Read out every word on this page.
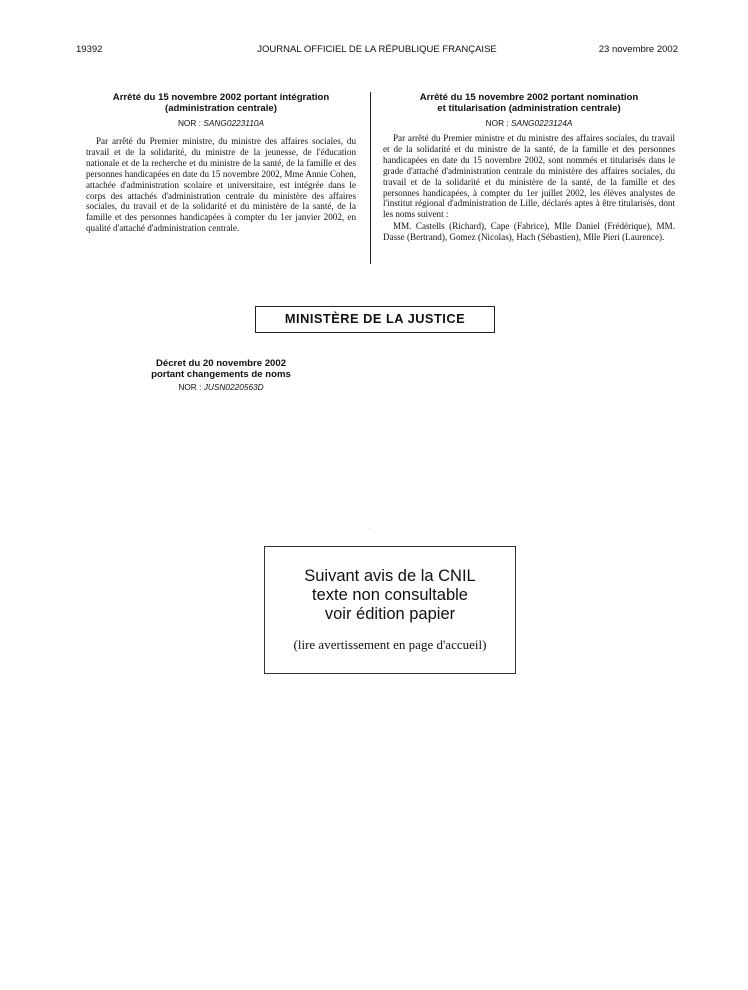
19392	JOURNAL OFFICIEL DE LA RÉPUBLIQUE FRANÇAISE	23 novembre 2002

Arrêté du 15 novembre 2002 portant intégration
(administration centrale)

NOR : SANG0223110A

Par arrêté du Premier ministre, du ministre des affaires sociales, du travail et de la solidarité, du ministre de la jeunesse, de l'éducation nationale et de la recherche et du ministre de la santé, de la famille et des personnes handicapées en date du 15 novembre 2002, Mme Annie Cohen, attachée d'administration scolaire et universitaire, est intégrée dans le corps des attachés d'administration centrale du ministère des affaires sociales, du travail et de la solidarité et du ministère de la santé, de la famille et des personnes handicapées à compter du 1er janvier 2002, en qualité d'attaché d'administration centrale.

Arrêté du 15 novembre 2002 portant nomination
et titularisation (administration centrale)

NOR : SANG0223124A

Par arrêté du Premier ministre et du ministre des affaires sociales, du travail et de la solidarité et du ministre de la santé, de la famille et des personnes handicapées en date du 15 novembre 2002, sont nommés et titularisés dans le grade d'attaché d'administration centrale du ministère des affaires sociales, du travail et de la solidarité et du ministère de la santé, de la famille et des personnes handicapées, à compter du 1er juillet 2002, les élèves analystes de l'institut régional d'administration de Lille, déclarés aptes à être titularisés, dont les noms suivent :

MM. Castells (Richard), Cape (Fabrice), Mlle Daniel (Frédérique), MM. Dasse (Bertrand), Gomez (Nicolas), Hach (Sébastien), Mlle Pieri (Laurence).

MINISTÈRE DE LA JUSTICE

Décret du 20 novembre 2002
portant changements de noms

NOR : JUSN0220563D

·
Suivant avis de la CNIL
texte non consultable
voir édition papier
(lire avertissement en page d'accueil)
